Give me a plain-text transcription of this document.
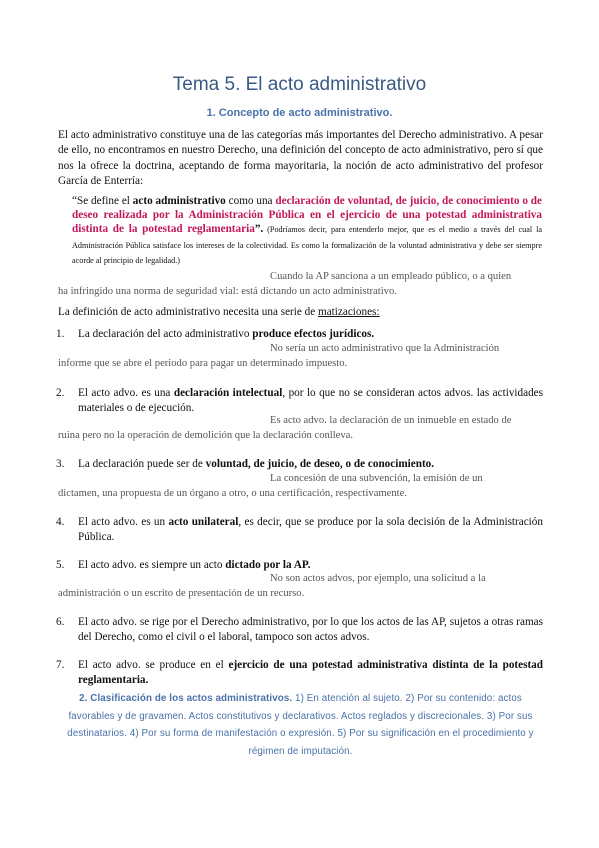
Tema 5. El acto administrativo
1. Concepto de acto administrativo.
El acto administrativo constituye una de las categorías más importantes del Derecho administrativo. A pesar de ello, no encontramos en nuestro Derecho, una definición del concepto de acto administrativo, pero sí que nos la ofrece la doctrina, aceptando de forma mayoritaria, la noción de acto administrativo del profesor García de Enterría:
“Se define el acto administrativo como una declaración de voluntad, de juicio, de conocimiento o de deseo realizada por la Administración Pública en el ejercicio de una potestad administrativa distinta de la potestad reglamentaria”. (Podríamos decir, para entenderlo mejor, que es el medio a través del cual la Administración Pública satisface los intereses de la colectividad. Es como la formalización de la voluntad administrativa y debe ser siempre acorde al principio de legalidad.)
Cuando la AP sanciona a un empleado público, o a quien
ha infringido una norma de seguridad vial: está dictando un acto administrativo.
La definición de acto administrativo necesita una serie de matizaciones:
1. La declaración del acto administrativo produce efectos jurídicos.
No sería un acto administrativo que la Administración
informe que se abre el periodo para pagar un determinado impuesto.
2. El acto advo. es una declaración intelectual, por lo que no se consideran actos advos. las actividades materiales o de ejecución.
Es acto advo. la declaración de un inmueble en estado de
ruina pero no la operación de demolición que la declaración conlleva.
3. La declaración puede ser de voluntad, de juicio, de deseo, o de conocimiento.
La concesión de una subvención, la emisión de un
dictamen, una propuesta de un órgano a otro, o una certificación, respectivamente.
4. El acto advo. es un acto unilateral, es decir, que se produce por la sola decisión de la Administración Pública.
5. El acto advo. es siempre un acto dictado por la AP.
No son actos advos, por ejemplo, una solicitud a la
administración o un escrito de presentación de un recurso.
6. El acto advo. se rige por el Derecho administrativo, por lo que los actos de las AP, sujetos a otras ramas del Derecho, como el civil o el laboral, tampoco son actos advos.
7. El acto advo. se produce en el ejercicio de una potestad administrativa distinta de la potestad reglamentaria.
2. Clasificación de los actos administrativos. 1) En atención al sujeto. 2) Por su contenido: actos favorables y de gravamen. Actos constitutivos y declarativos. Actos reglados y discrecionales. 3) Por sus destinatarios. 4) Por su forma de manifestación o expresión. 5) Por su significación en el procedimiento y régimen de imputación.
